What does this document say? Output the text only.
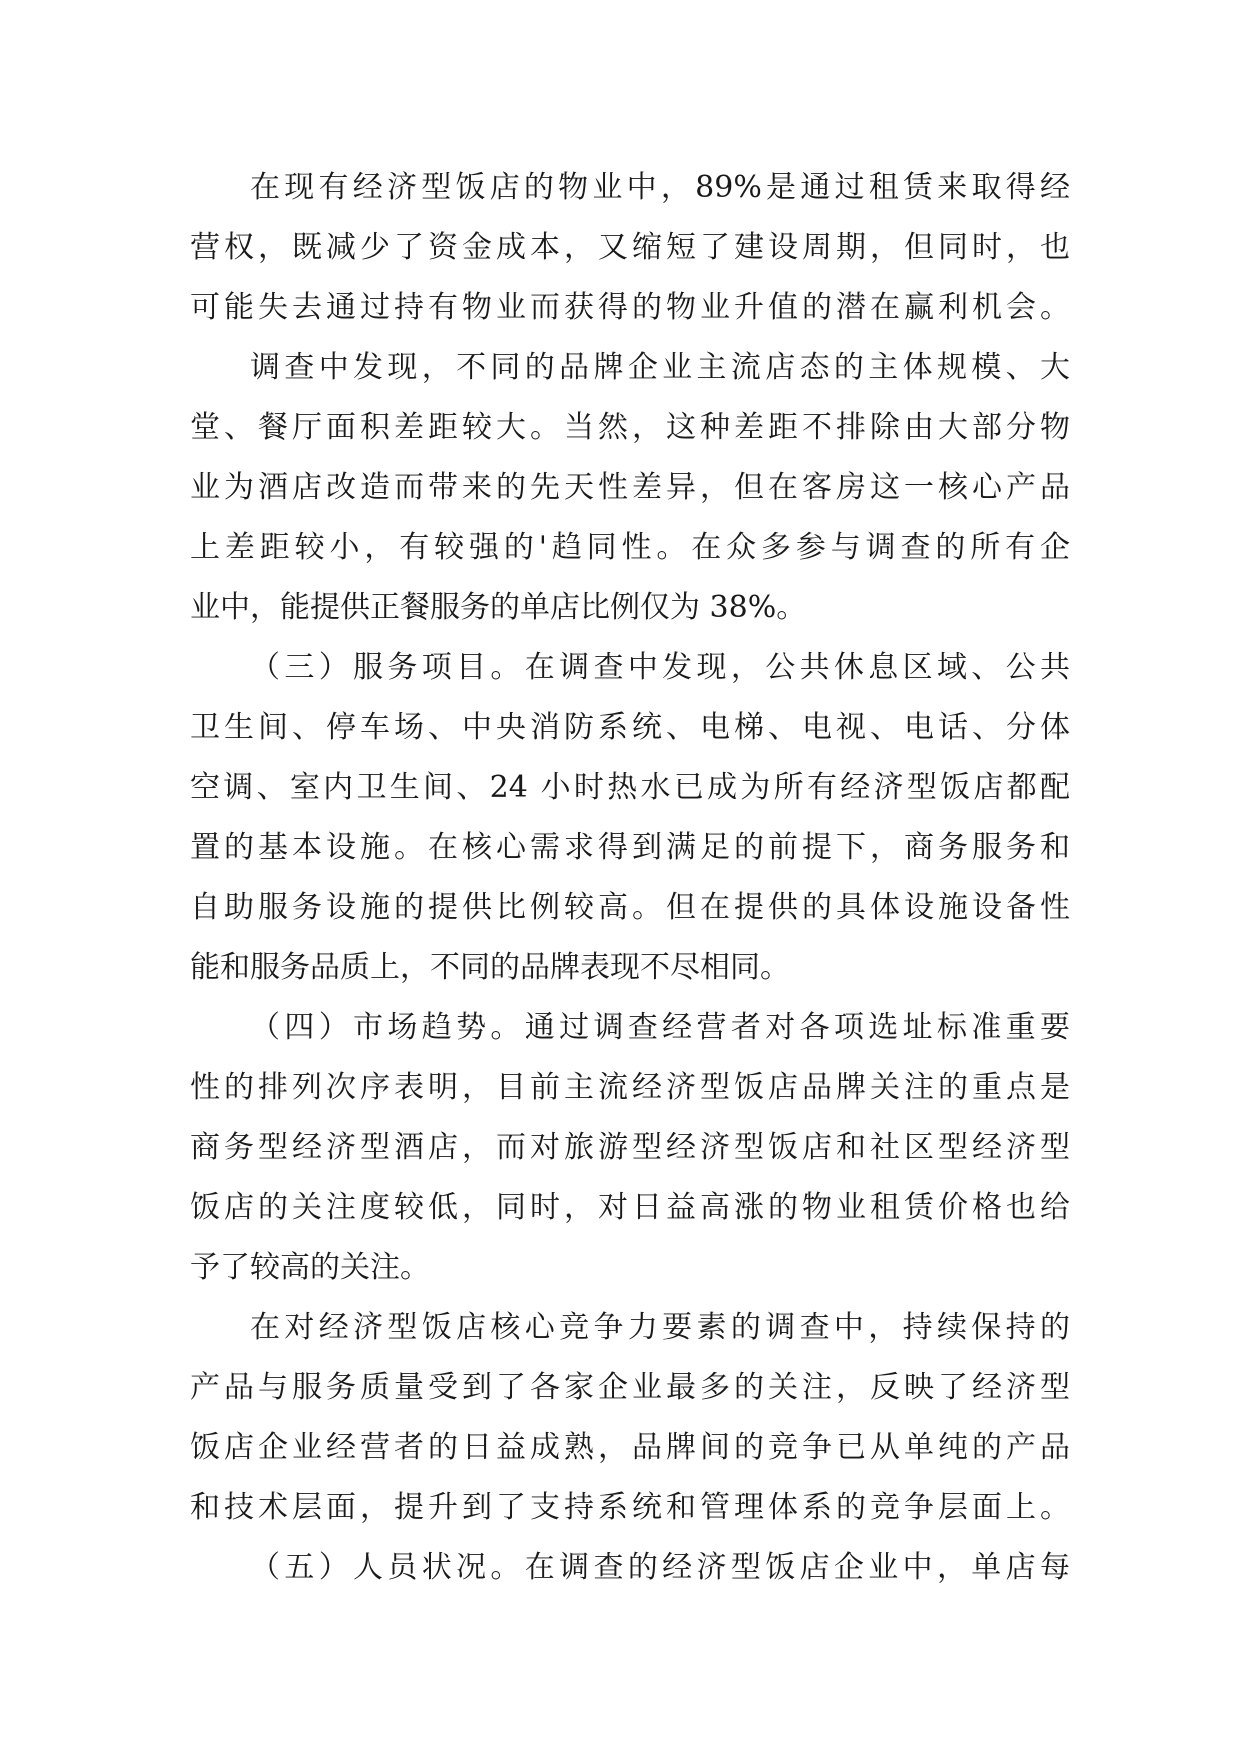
在现有经济型饭店的物业中，89%是通过租赁来取得经
营权，既减少了资金成本，又缩短了建设周期，但同时，也
可能失去通过持有物业而获得的物业升值的潜在赢利机会。

调查中发现，不同的品牌企业主流店态的主体规模、大
堂、餐厅面积差距较大。当然，这种差距不排除由大部分物
业为酒店改造而带来的先天性差异，但在客房这一核心产品
上差距较小，有较强的'趋同性。在众多参与调查的所有企
业中，能提供正餐服务的单店比例仅为 38%。

（三）服务项目。在调查中发现，公共休息区域、公共
卫生间、停车场、中央消防系统、电梯、电视、电话、分体
空调、室内卫生间、24 小时热水已成为所有经济型饭店都配
置的基本设施。在核心需求得到满足的前提下，商务服务和
自助服务设施的提供比例较高。但在提供的具体设施设备性
能和服务品质上，不同的品牌表现不尽相同。

（四）市场趋势。通过调查经营者对各项选址标准重要
性的排列次序表明，目前主流经济型饭店品牌关注的重点是
商务型经济型酒店，而对旅游型经济型饭店和社区型经济型
饭店的关注度较低，同时，对日益高涨的物业租赁价格也给
予了较高的关注。

在对经济型饭店核心竞争力要素的调查中，持续保持的
产品与服务质量受到了各家企业最多的关注，反映了经济型
饭店企业经营者的日益成熟，品牌间的竞争已从单纯的产品
和技术层面，提升到了支持系统和管理体系的竞争层面上。

（五）人员状况。在调查的经济型饭店企业中，单店每
